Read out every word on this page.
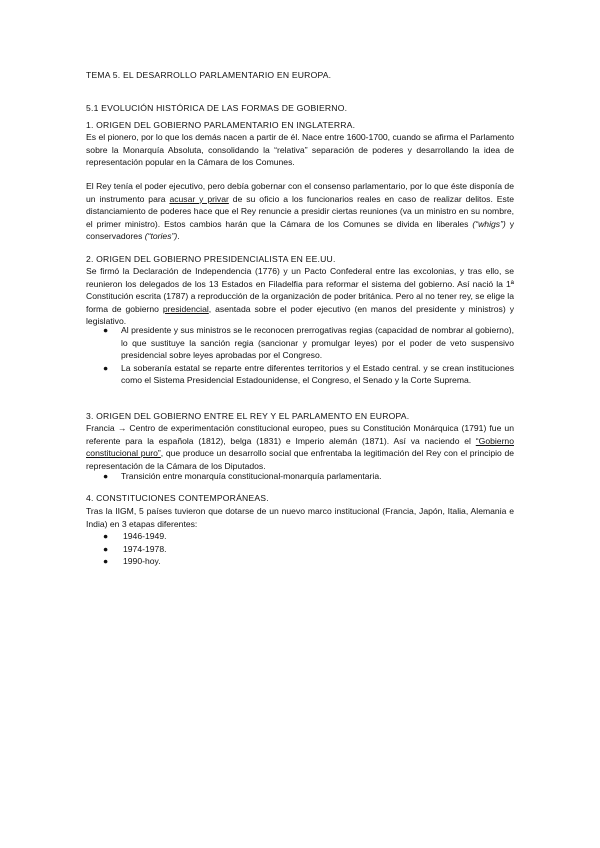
TEMA 5. EL DESARROLLO PARLAMENTARIO EN EUROPA.
5.1 EVOLUCIÓN HISTÓRICA DE LAS FORMAS DE GOBIERNO.
1. ORIGEN DEL GOBIERNO PARLAMENTARIO EN INGLATERRA.
Es el pionero, por lo que los demás nacen a partir de él. Nace entre 1600-1700, cuando se afirma el Parlamento sobre la Monarquía Absoluta, consolidando la “relativa” separación de poderes y desarrollando la idea de representación popular en la Cámara de los Comunes.
El Rey tenía el poder ejecutivo, pero debía gobernar con el consenso parlamentario, por lo que éste disponía de un instrumento para acusar y privar de su oficio a los funcionarios reales en caso de realizar delitos. Este distanciamiento de poderes hace que el Rey renuncie a presidir ciertas reuniones (va un ministro en su nombre, el primer ministro). Estos cambios harán que la Cámara de los Comunes se divida en liberales (“whigs”) y conservadores (“tories”).
2. ORIGEN DEL GOBIERNO PRESIDENCIALISTA EN EE.UU.
Se firmó la Declaración de Independencia (1776) y un Pacto Confederal entre las excolonias, y tras ello, se reunieron los delegados de los 13 Estados en Filadelfia para reformar el sistema del gobierno. Así nació la 1ª Constitución escrita (1787) a reproducción de la organización de poder británica. Pero al no tener rey, se elige la forma de gobierno presidencial, asentada sobre el poder ejecutivo (en manos del presidente y ministros) y legislativo.
● Al presidente y sus ministros se le reconocen prerrogativas regias (capacidad de nombrar al gobierno), lo que sustituye la sanción regia (sancionar y promulgar leyes) por el poder de veto suspensivo presidencial sobre leyes aprobadas por el Congreso.
● La soberanía estatal se reparte entre diferentes territorios y el Estado central. y se crean instituciones como el Sistema Presidencial Estadounidense, el Congreso, el Senado y la Corte Suprema.
3. ORIGEN DEL GOBIERNO ENTRE EL REY Y EL PARLAMENTO EN EUROPA.
Francia → Centro de experimentación constitucional europeo, pues su Constitución Monárquica (1791) fue un referente para la española (1812), belga (1831) e Imperio alemán (1871). Así va naciendo el “Gobierno constitucional puro”, que produce un desarrollo social que enfrentaba la legitimación del Rey con el principio de representación de la Cámara de los Diputados.
● Transición entre monarquía constitucional-monarquía parlamentaria.
4. CONSTITUCIONES CONTEMPORÁNEAS.
Tras la IIGM, 5 países tuvieron que dotarse de un nuevo marco institucional (Francia, Japón, Italia, Alemania e India) en 3 etapas diferentes:
● 1946-1949.
● 1974-1978.
● 1990-hoy.
